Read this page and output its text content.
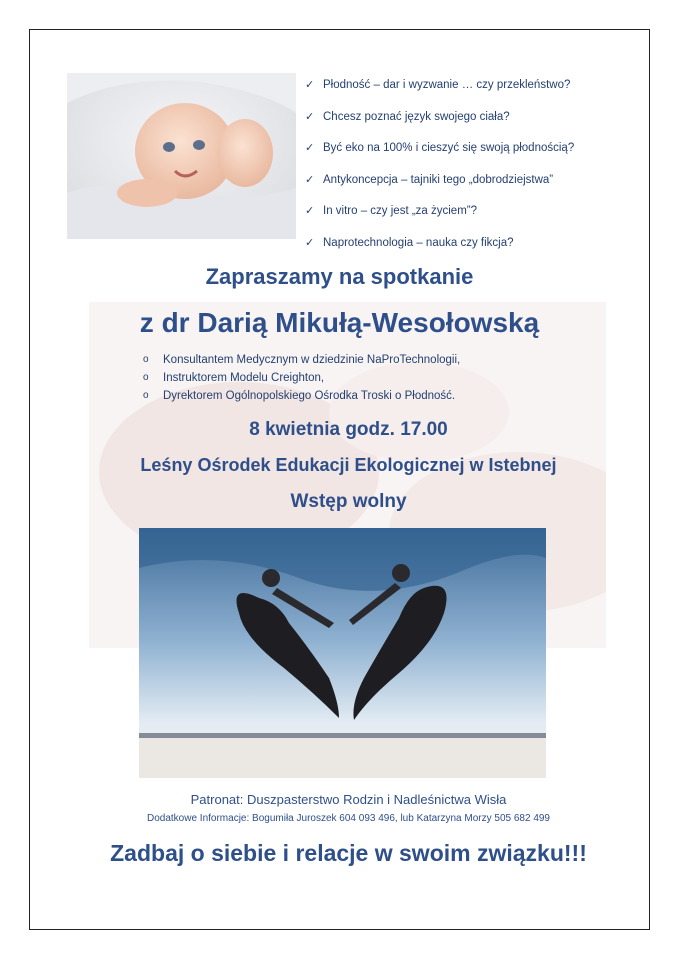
✓ Płodność – dar i wyzwanie … czy przekleństwo?
✓ Chcesz poznać język swojego ciała?
✓ Być eko na 100% i cieszyć się swoją płodnością?
✓ Antykoncepcja – tajniki tego „dobrodziejstwa”
✓ In vitro – czy jest „za życiem”?
✓ Naprotechnologia – nauka czy fikcja?
Zapraszamy na spotkanie
z dr Darią Mikułą-Wesołowską
o Konsultantem Medycznym w dziedzinie NaProTechnologii,
o Instruktorem Modelu Creighton,
o Dyrektorem Ogólnopolskiego Ośrodka Troski o Płodność.
8 kwietnia godz. 17.00
Leśny Ośrodek Edukacji Ekologicznej w Istebnej
Wstęp wolny
Patronat: Duszpasterstwo Rodzin i Nadleśnictwa Wisła
Dodatkowe Informacje: Bogumiła Juroszek 604 093 496, lub Katarzyna Morzy 505 682 499
Zadbaj o siebie i relacje w swoim związku!!!
